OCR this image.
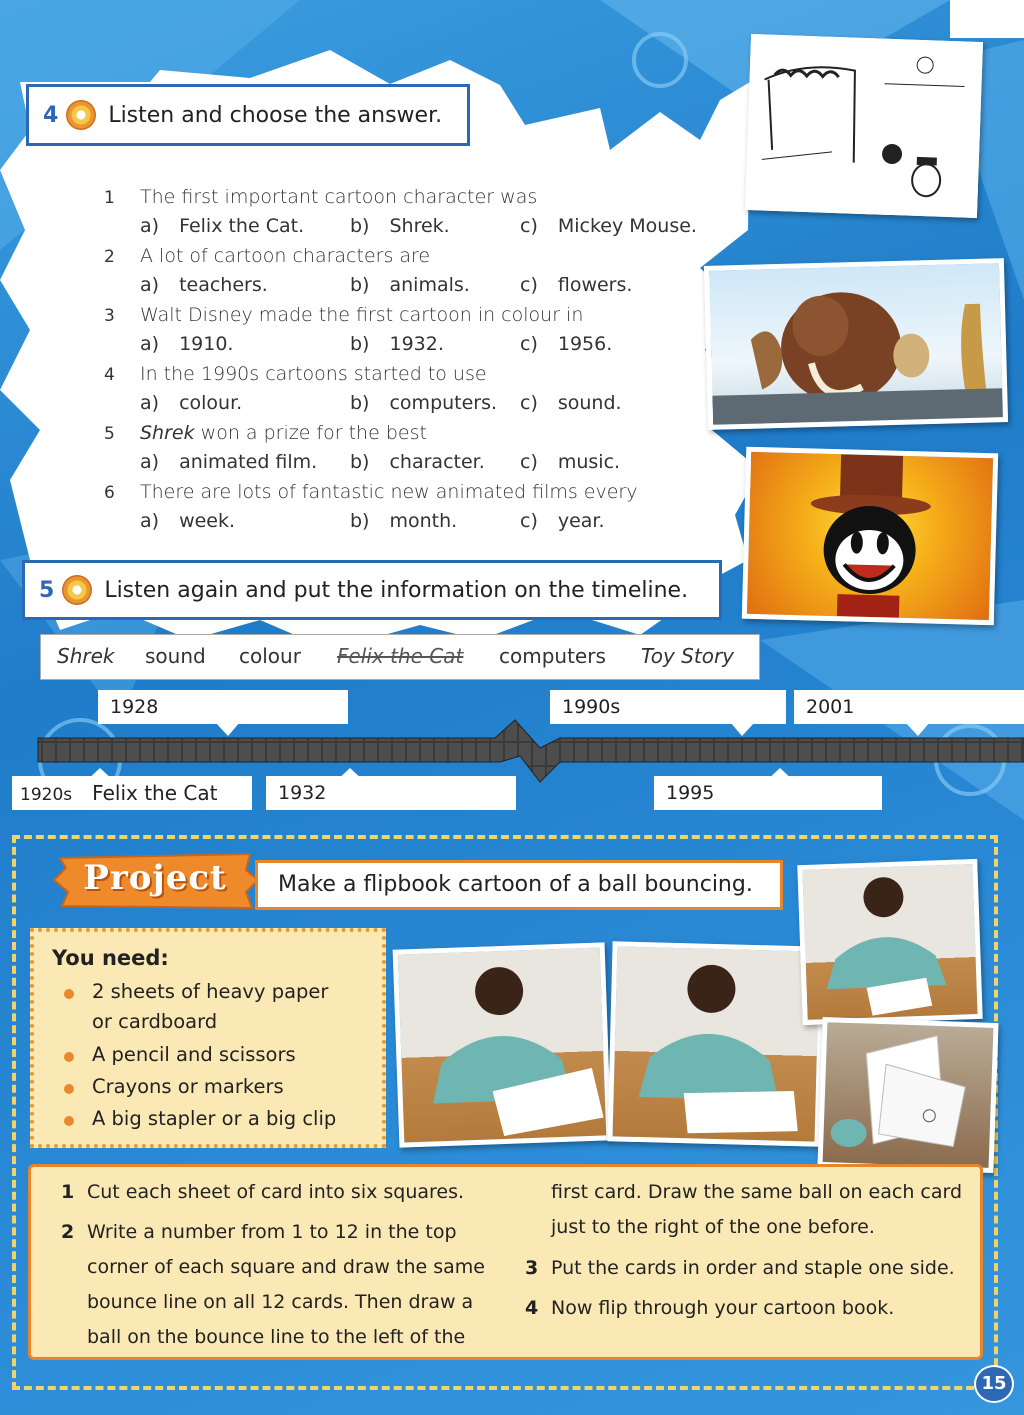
4 Listen and choose the answer.
1 The first important cartoon character was
a) Felix the Cat. b) Shrek.	c) Mickey Mouse.
2 A lot of cartoon characters are
a) teachers.	b) animals.	c) flowers.
3 Walt Disney made the first cartoon in colour in
a) 1910.	b) 1932.	c) 1956.
4 In the 1990s cartoons started to use
a) colour.	b) computers. c) sound.
5 Shrek won a prize for the best
a) animated film. b) character. c) music.
6 There are lots of fantastic new animated films every
a) week.	b) month.	c) year.
5 Listen again and put the information on the timeline.
Shrek sound colour Felix the Cat computers Toy Story
1928	1990s	2001
1920s Felix the Cat	1932	1995
Project	Make a flipbook cartoon of a ball bouncing.
You need:
2 sheets of heavy paper
or cardboard
A pencil and scissors
Crayons or markers
A big stapler or a big clip
1 Cut each sheet of card into six squares.
2 Write a number from 1 to 12 in the top
corner of each square and draw the same
bounce line on all 12 cards. Then draw a
ball on the bounce line to the left of the
first card. Draw the same ball on each card
just to the right of the one before.
3 Put the cards in order and staple one side.
4 Now flip through your cartoon book.
15
